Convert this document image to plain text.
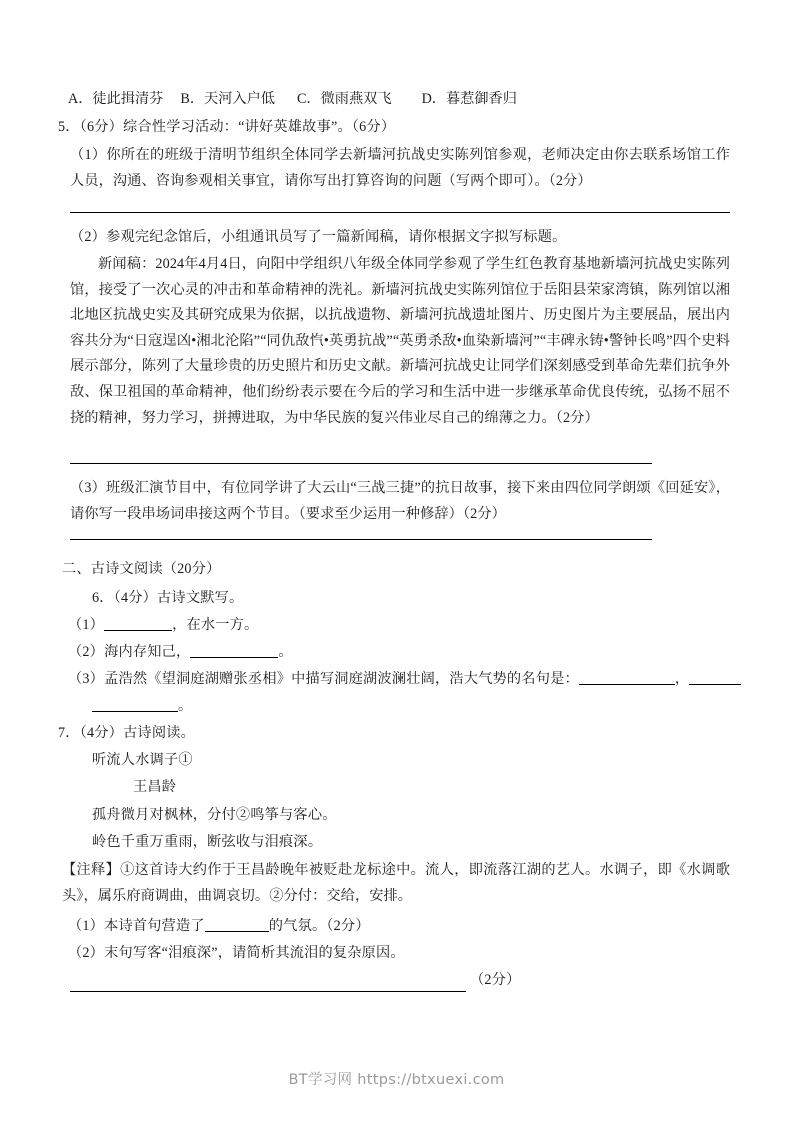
A．徒此揖清芬 B．天河入户低 C．微雨燕双飞 D．暮惹御香归
5．（6分）综合性学习活动：“讲好英雄故事”。（6分）
（1）你所在的班级于清明节组织全体同学去新墙河抗战史实陈列馆参观，老师决定由你去联系场馆工作人员，沟通、咨询参观相关事宜，请你写出打算咨询的问题（写两个即可）。（2分）
（2）参观完纪念馆后，小组通讯员写了一篇新闻稿，请你根据文字拟写标题。
新闻稿：2024年4月4日，向阳中学组织八年级全体同学参观了学生红色教育基地新墙河抗战史实陈列馆，接受了一次心灵的冲击和革命精神的洗礼。新墙河抗战史实陈列馆位于岳阳县荣家湾镇，陈列馆以湘北地区抗战史实及其研究成果为依据，以抗战遗物、新墙河抗战遗址图片、历史图片为主要展品，展出内容共分为“日寇逞凶•湘北沦陷”“同仇敌忾•英勇抗战”“英勇杀敌•血染新墙河”“丰碑永铸•警钟长鸣”四个史料展示部分，陈列了大量珍贵的历史照片和历史文献。新墙河抗战史让同学们深刻感受到革命先辈们抗争外敌、保卫祖国的革命精神，他们纷纷表示要在今后的学习和生活中进一步继承革命优良传统，弘扬不屈不挠的精神，努力学习，拼搏进取，为中华民族的复兴伟业尽自己的绵薄之力。（2分）
（3）班级汇演节目中，有位同学讲了大云山“三战三捷”的抗日故事，接下来由四位同学朗颂《回延安》，请你写一段串场词串接这两个节目。（要求至少运用一种修辞）（2分）
二、古诗文阅读（20分）
6．（4分）古诗文默写。
（1）	，在水一方。
（2）海内存知己，	。
（3）孟浩然《望洞庭湖赠张丞相》中描写洞庭湖波澜壮阔，浩大气势的名句是：	，
。
7．（4分）古诗阅读。
听流人水调子①
王昌龄
孤舟微月对枫林，分付②鸣筝与客心。
岭色千重万重雨，断弦收与泪痕深。
【注释】①这首诗大约作于王昌龄晚年被贬赴龙标途中。流人，即流落江湖的艺人。水调子，即《水调歌头》，属乐府商调曲，曲调哀切。②分付：交给，安排。
（1）本诗首句营造了	的气氛。（2分）
（2）末句写客“泪痕深”，请简析其流泪的复杂原因。
（2分）
BT学习网 https://btxuexi.com
